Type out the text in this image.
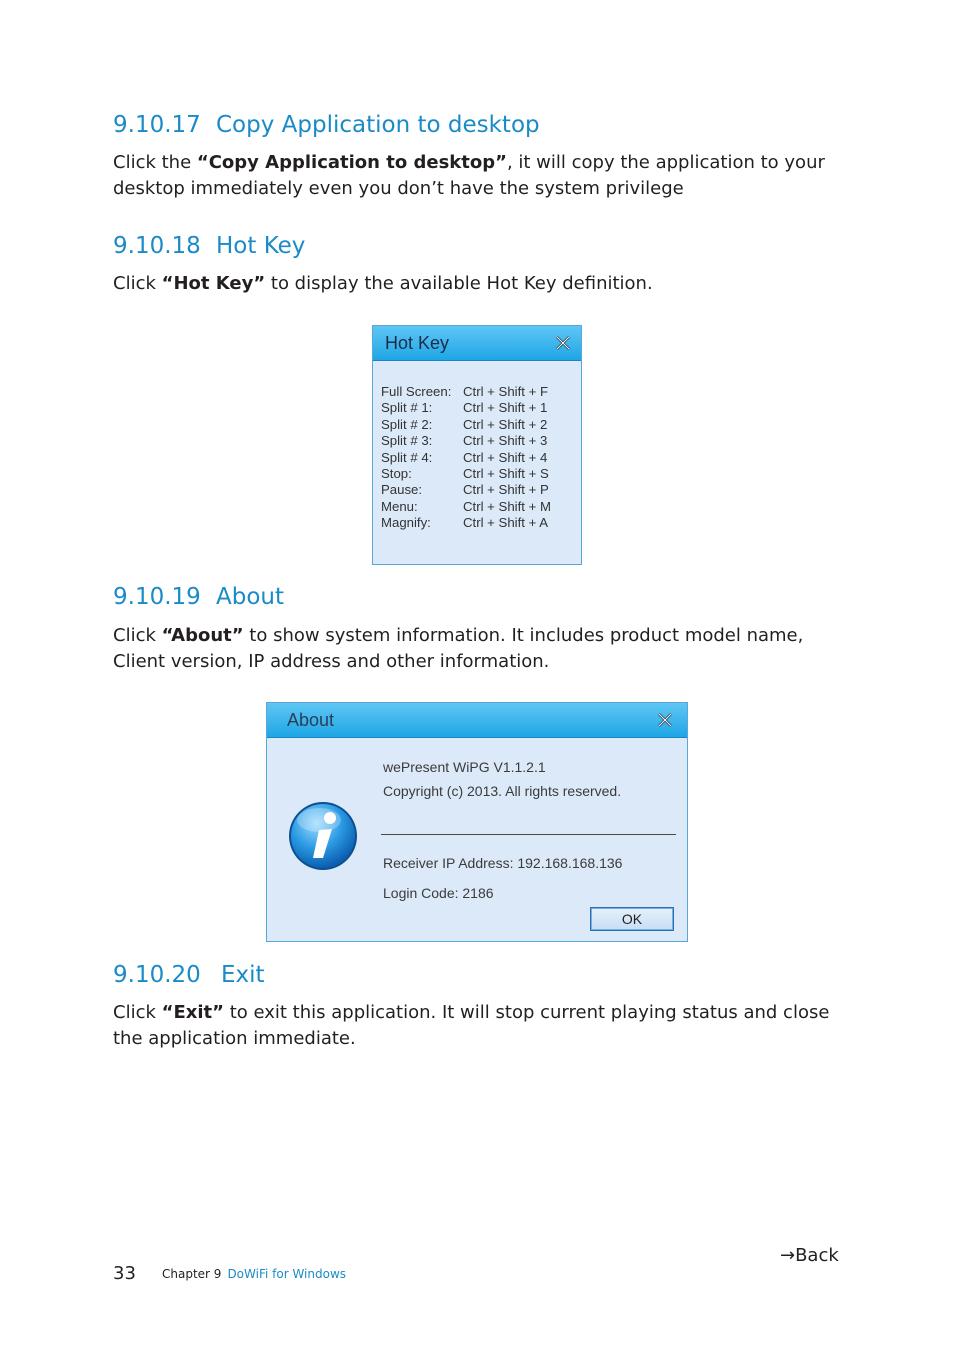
9.10.17 Copy Application to desktop

Click the “Copy Application to desktop”, it will copy the application to your desktop immediately even you don’t have the system privilege

9.10.18 Hot Key

Click “Hot Key” to display the available Hot Key definition.

Hot Key
Full Screen: Ctrl + Shift + F
Split # 1:	Ctrl + Shift + 1
Split # 2:	Ctrl + Shift + 2
Split # 3:	Ctrl + Shift + 3
Split # 4:	Ctrl + Shift + 4
Stop:	Ctrl + Shift + S
Pause:	Ctrl + Shift + P
Menu:	Ctrl + Shift + M
Magnify:	Ctrl + Shift + A
9.10.19 About

Click “About” to show system information. It includes product model name, Client version, IP address and other information.

About
wePresent WiPG V1.1.2.1
Copyright (c) 2013. All rights reserved.
Receiver IP Address: 192.168.168.136
Login Code: 2186
OK
9.10.20 Exit

Click “Exit” to exit this application. It will stop current playing status and close the application immediate.

→Back
33 Chapter 9 DoWiFi for Windows
